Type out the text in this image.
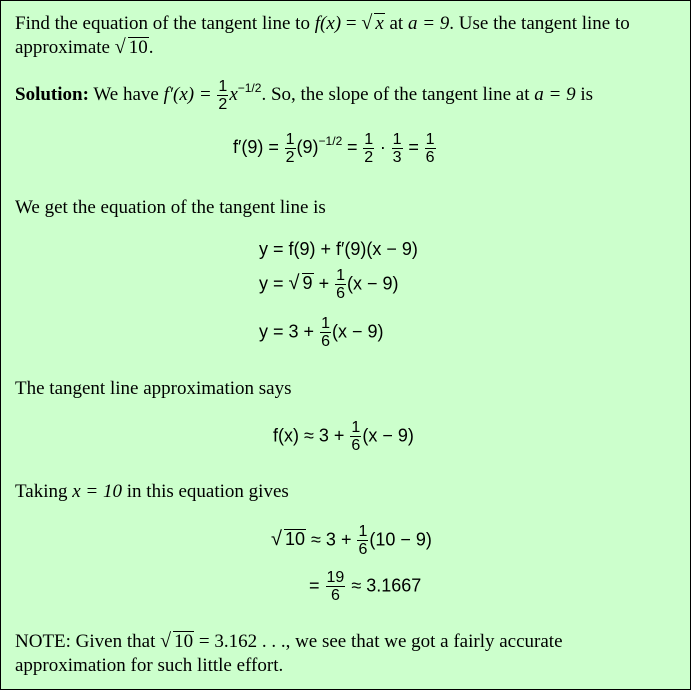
Find the equation of the tangent line to f(x) = √ x at a = 9. Use the tangent line to
approximate √ 10.
Solution: We have $f'(x) = \frac{1}{2} x^{-1/2}$. So, the slope of the tangent line at a = 9 is
$f'(9) = \frac{1}{2} (9)^{-1/2} = \frac{1}{2} \cdot \frac{1}{3} = \frac{1}{6}$
We get the equation of the tangent line is
y = f(9) + f′(9)(x − 9)
y = √ $9 + \frac{1}{6} (x - 9)$
$y = 3 + \frac{1}{6} (x - 9)$
The tangent line approximation says
$f(x) \approx 3 + \frac{1}{6} (x - 9)$
Taking x = 10 in this equation gives
√ $10 \approx 3 + \frac{1}{6} (10 - 9)$
= $\frac{19}{6} \approx 3.1667$
NOTE: Given that √ 10 = 3.162 . . ., we see that we got a fairly accurate
approximation for such little effort.
